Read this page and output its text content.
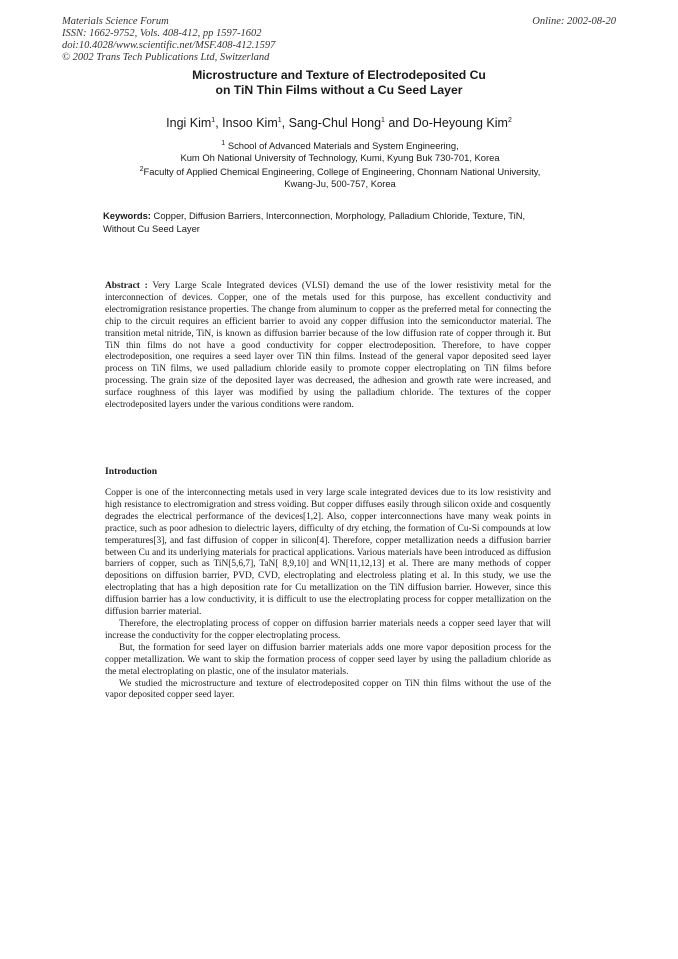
Materials Science Forum
ISSN: 1662-9752, Vols. 408-412, pp 1597-1602
doi:10.4028/www.scientific.net/MSF.408-412.1597
© 2002 Trans Tech Publications Ltd, Switzerland
Online: 2002-08-20
Microstructure and Texture of Electrodeposited Cu
on TiN Thin Films without a Cu Seed Layer
Ingi Kim$^1$, Insoo Kim$^1$, Sang-Chul Hong$^1$ and Do-Heyoung Kim$^2$
$^1$ School of Advanced Materials and System Engineering,
Kum Oh National University of Technology, Kumi, Kyung Buk 730-701, Korea
$^2$Faculty of Applied Chemical Engineering, College of Engineering, Chonnam National University,
Kwang-Ju, 500-757, Korea
Keywords: Copper, Diffusion Barriers, Interconnection, Morphology, Palladium Chloride, Texture, TiN, Without Cu Seed Layer
Abstract : Very Large Scale Integrated devices (VLSI) demand the use of the lower resistivity metal for the interconnection of devices. Copper, one of the metals used for this purpose, has excellent conductivity and electromigration resistance properties. The change from aluminum to copper as the preferred metal for connecting the chip to the circuit requires an efficient barrier to avoid any copper diffusion into the semiconductor material. The transition metal nitride, TiN, is known as diffusion barrier because of the low diffusion rate of copper through it. But TiN thin films do not have a good conductivity for copper electrodeposition. Therefore, to have copper electrodeposition, one requires a seed layer over TiN thin films. Instead of the general vapor deposited seed layer process on TiN films, we used palladium chloride easily to promote copper electroplating on TiN films before processing. The grain size of the deposited layer was decreased, the adhesion and growth rate were increased, and surface roughness of this layer was modified by using the palladium chloride. The textures of the copper electrodeposited layers under the various conditions were random.
Introduction

Copper is one of the interconnecting metals used in very large scale integrated devices due to its low resistivity and high resistance to electromigration and stress voiding. But copper diffuses easily through silicon oxide and cosquently degrades the electrical performance of the devices[1,2]. Also, copper interconnections have many weak points in practice, such as poor adhesion to dielectric layers, difficulty of dry etching, the formation of Cu-Si compounds at low temperatures[3], and fast diffusion of copper in silicon[4]. Therefore, copper metallization needs a diffusion barrier between Cu and its underlying materials for practical applications. Various materials have been introduced as diffusion barriers of copper, such as TiN[5,6,7], TaN[ 8,9,10] and WN[11,12,13] et al. There are many methods of copper depositions on diffusion barrier, PVD, CVD, electroplating and electroless plating et al. In this study, we use the electroplating that has a high deposition rate for Cu metallization on the TiN diffusion barrier. However, since this diffusion barrier has a low conductivity, it is difficult to use the electroplating process for copper metallization on the diffusion barrier material.

Therefore, the electroplating process of copper on diffusion barrier materials needs a copper seed layer that will increase the conductivity for the copper electroplating process.

But, the formation for seed layer on diffusion barrier materials adds one more vapor deposition process for the copper metallization. We want to skip the formation process of copper seed layer by using the palladium chloride as the metal electroplating on plastic, one of the insulator materials.

We studied the microstructure and texture of electrodeposited copper on TiN thin films without the use of the vapor deposited copper seed layer.
